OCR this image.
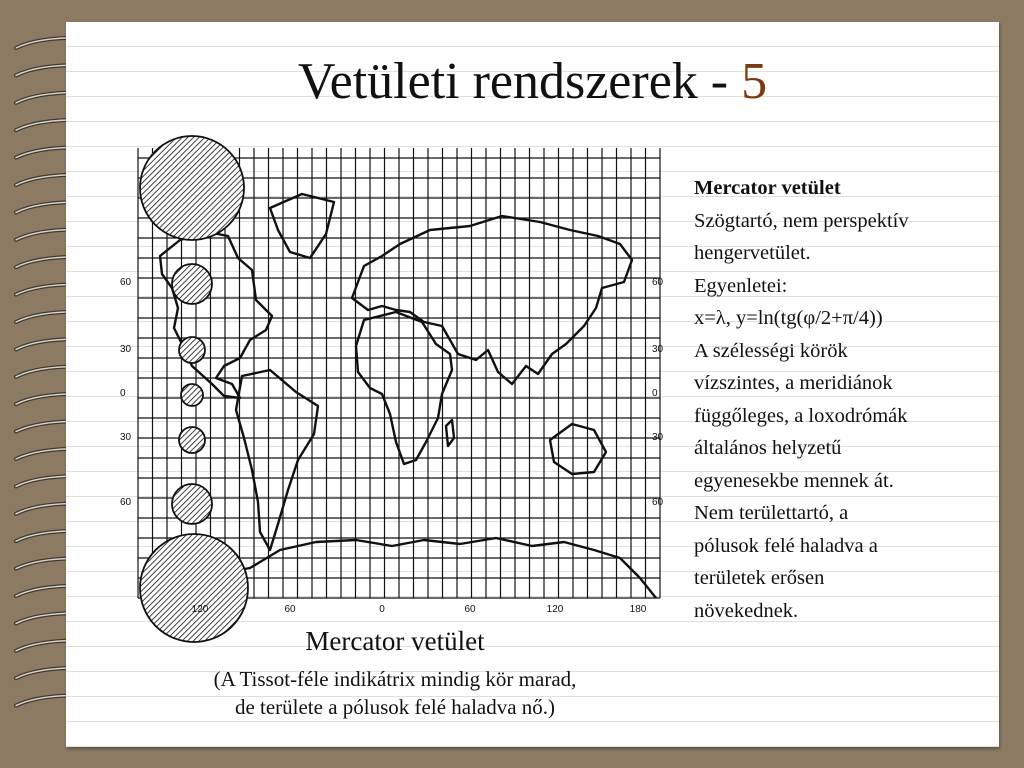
Vetületi rendszerek - 5
60	60
30	30
0	0
30	30
60	60
120	60	0	60	120	180
Mercator vetület
(A Tissot-féle indikátrix mindig kör marad,
de területe a pólusok felé haladva nő.)
Mercator vetület
Szögtartó, nem perspektív
hengervetület.
Egyenletei:
x=λ, y=ln(tg(φ/2+π/4))
A szélességi körök
vízszintes, a meridiánok
függőleges, a loxodrómák
általános helyzetű
egyenesekbe mennek át.
Nem területtartó, a
pólusok felé haladva a
területek erősen
növekednek.
